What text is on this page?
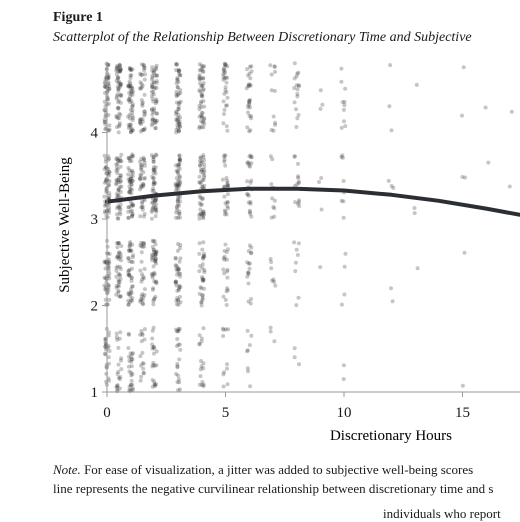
Figure 1
Scatterplot of the Relationship Between Discretionary Time and Subjective
1
2
3
4
0	5	10	15
Discretionary Hours
Subjective Well-Being
Note. For ease of visualization, a jitter was added to subjective well-being scores
line represents the negative curvilinear relationship between discretionary time and s
individuals who report
